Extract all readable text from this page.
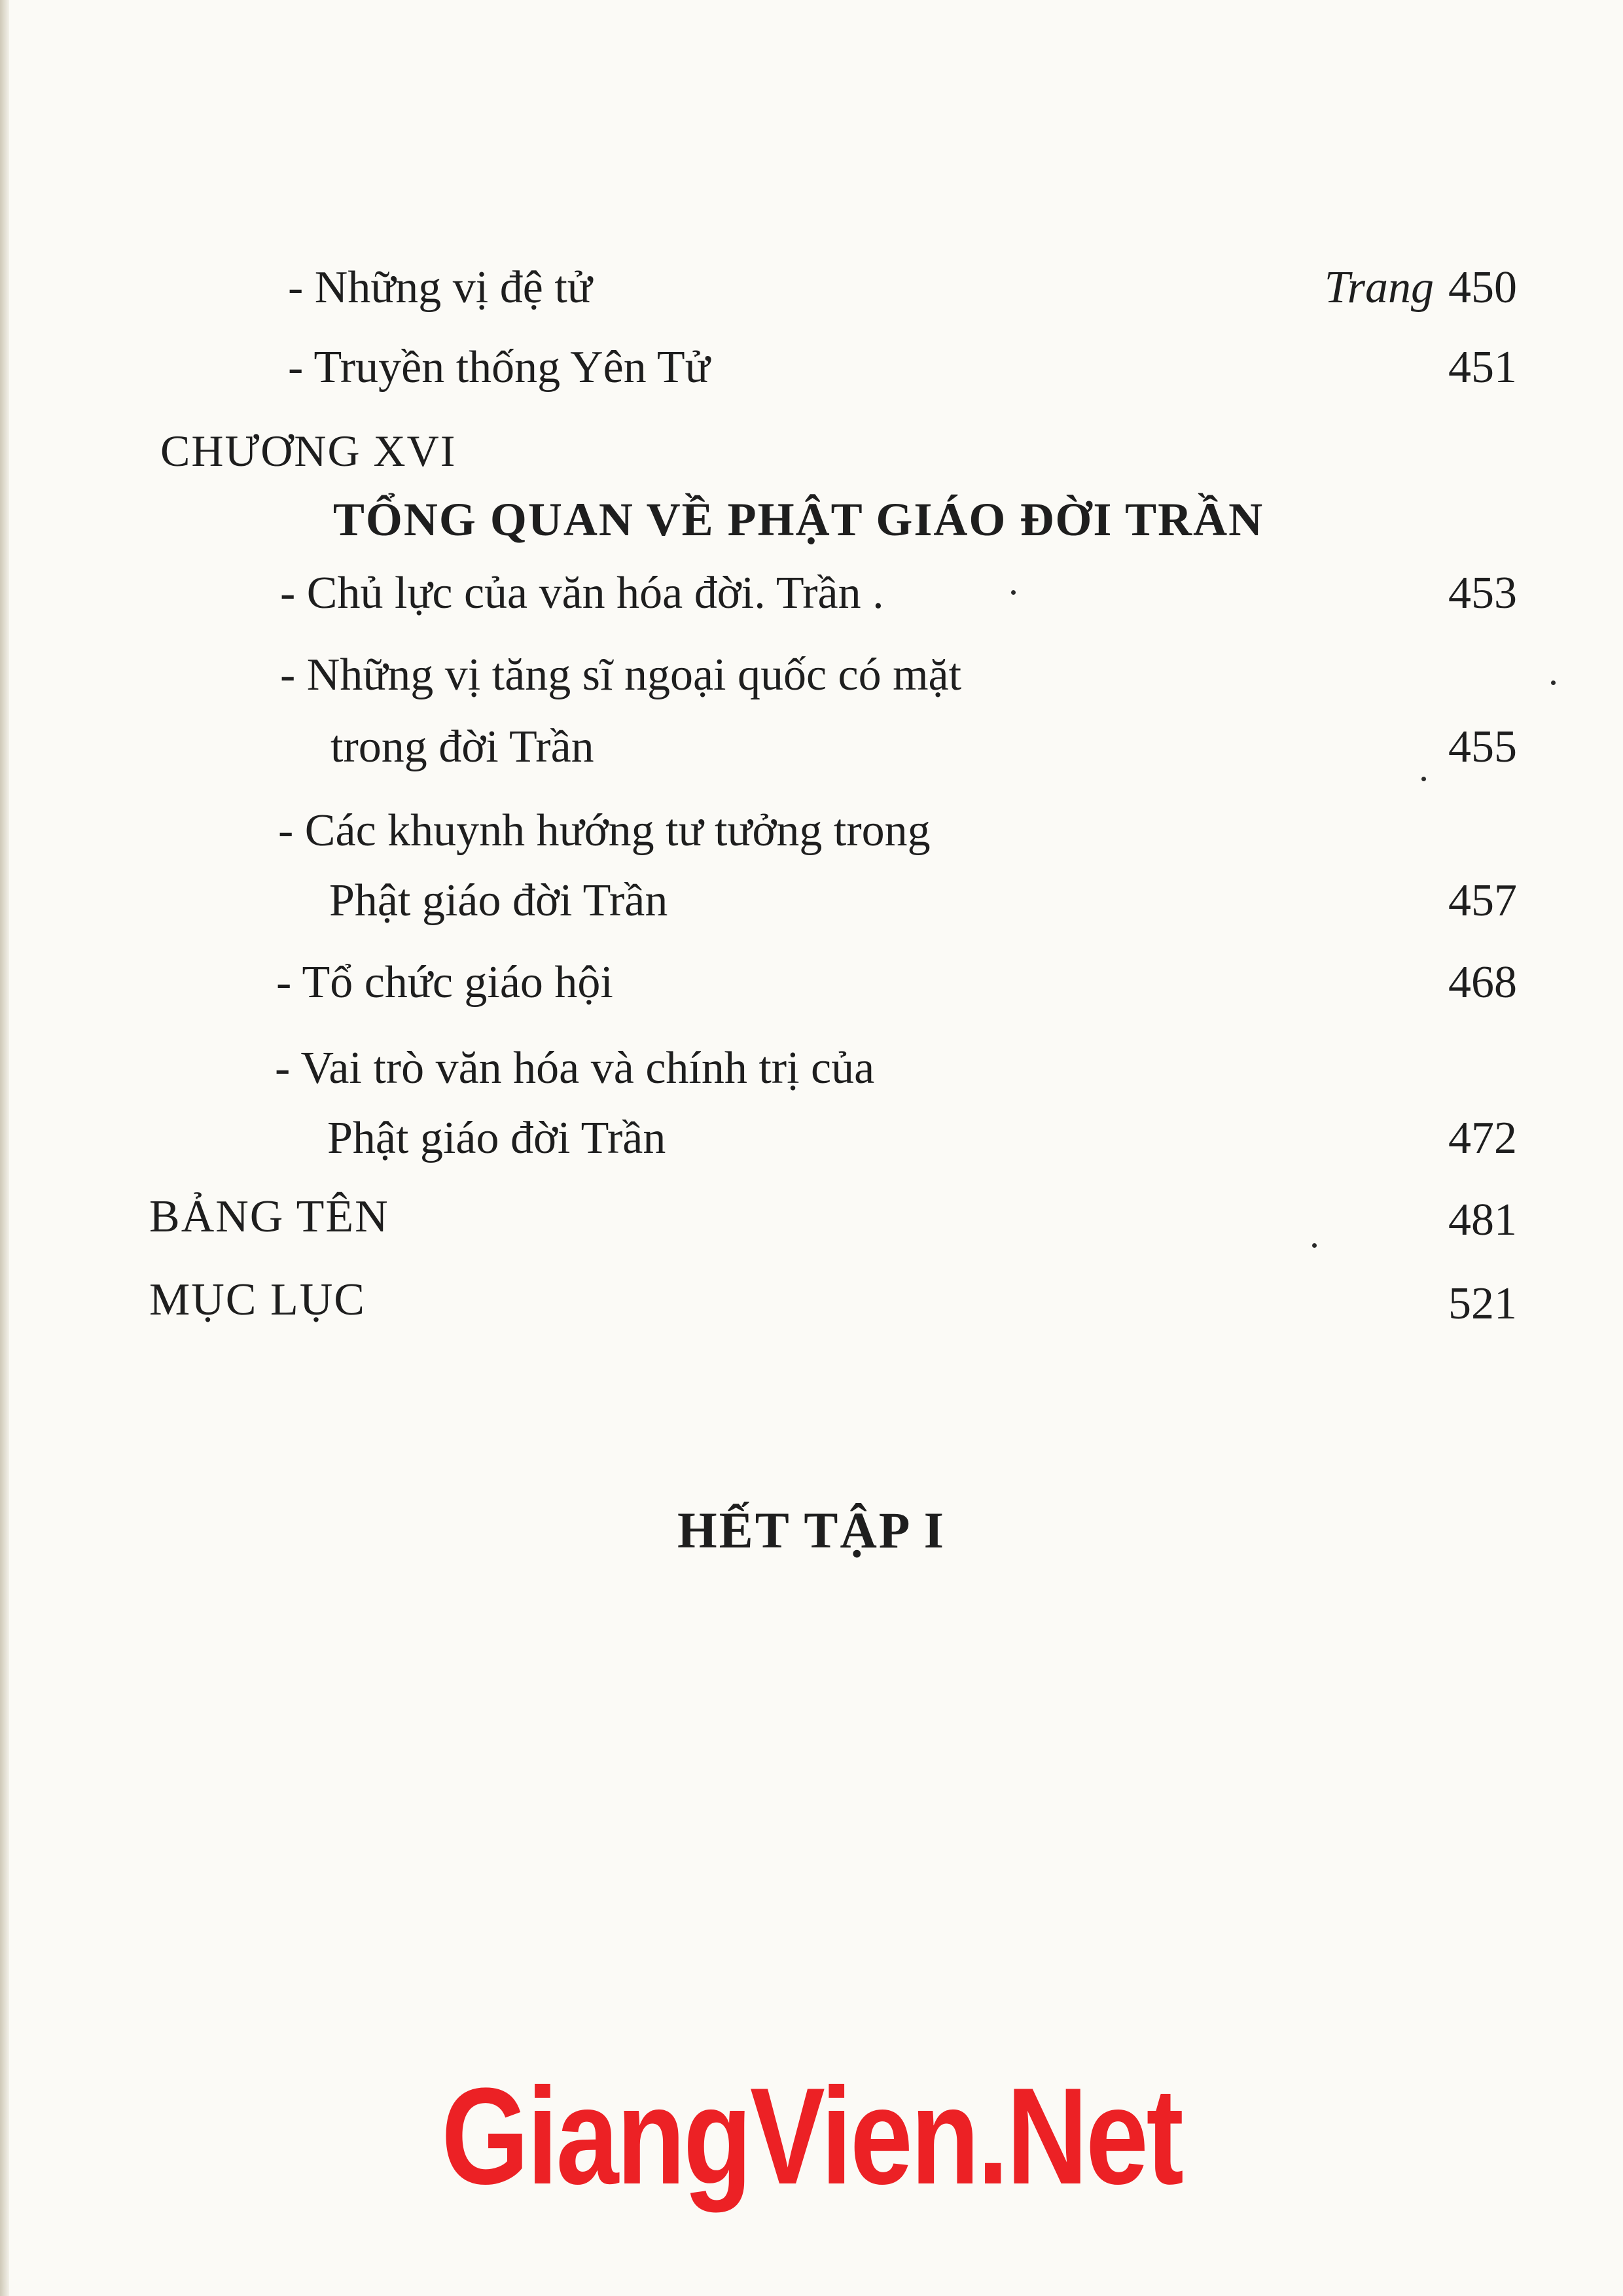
- Những vị đệ tử	Trang 450
- Truyền thống Yên Tử	451
CHƯƠNG XVI
TỔNG QUAN VỀ PHẬT GIÁO ĐỜI TRẦN
- Chủ lực của văn hóa đời. Trần .	453
- Những vị tăng sĩ ngoại quốc có mặt
trong đời Trần	455
- Các khuynh hướng tư tưởng trong
Phật giáo đời Trần	457
- Tổ chức giáo hội	468
- Vai trò văn hóa và chính trị của
Phật giáo đời Trần	472
BẢNG TÊN	481
MỤC LỤC	521
HẾT TẬP I
GiangVien.Net
